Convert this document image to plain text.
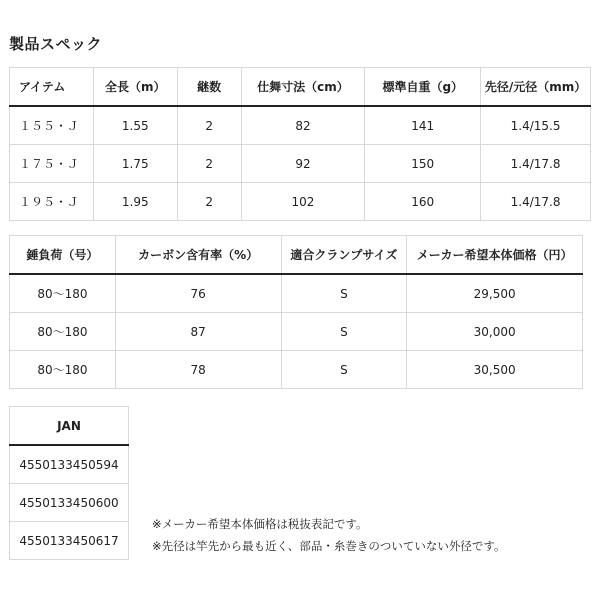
製品スペック
アイテム	全長（m）	継数	仕舞寸法（cm）	標準自重（g）	先径/元径（mm）
１５５・Ｊ	1.55	2	82	141	1.4/15.5
１７５・Ｊ	1.75	2	92	150	1.4/17.8
１９５・Ｊ	1.95	2	102	160	1.4/17.8
錘負荷（号）	カーボン含有率（%）	適合クランプサイズ	メーカー希望本体価格（円）
80〜180	76	S	29,500
80〜180	87	S	30,000
80〜180	78	S	30,500
JAN
4550133450594
4550133450600
4550133450617
※メーカー希望本体価格は税抜表記です。
※先径は竿先から最も近く、部品・糸巻きのついていない外径です。
